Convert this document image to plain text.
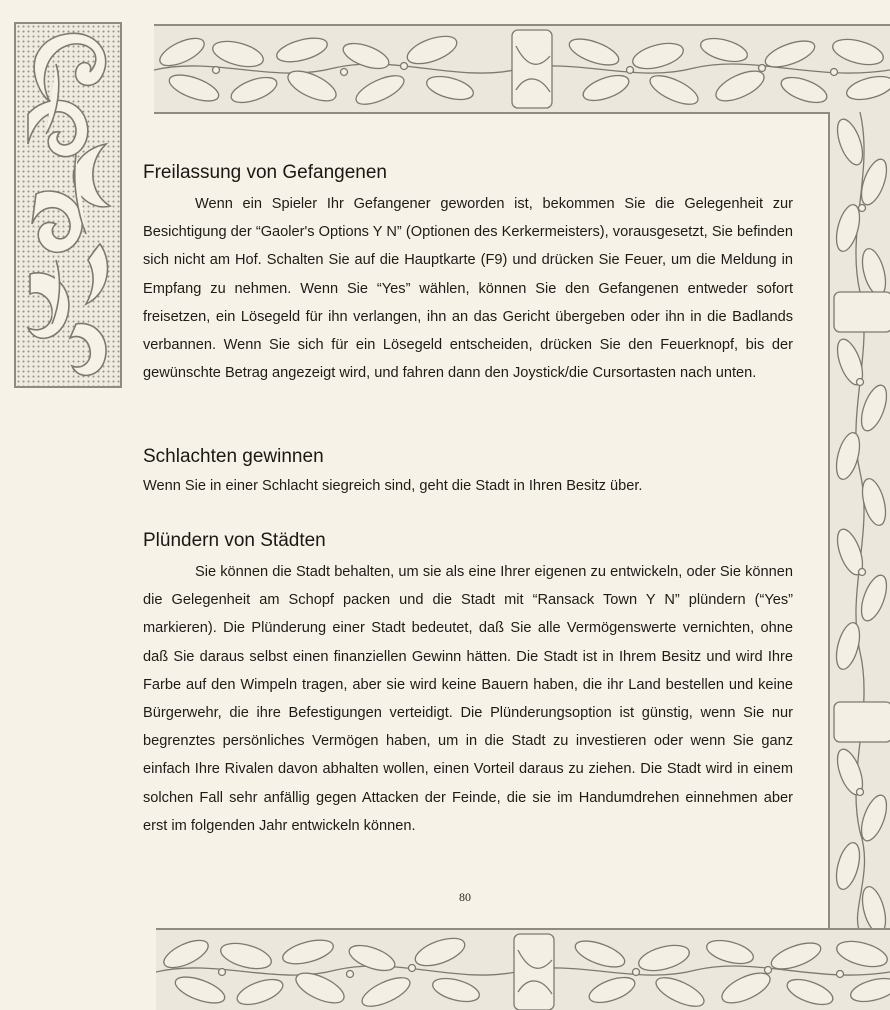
Freilassung von Gefangenen

Wenn ein Spieler Ihr Gefangener geworden ist, bekommen Sie die Gelegenheit zur Besichtigung der “Gaoler's Options Y N” (Optionen des Kerkermeisters), vorausgesetzt, Sie befinden sich nicht am Hof. Schalten Sie auf die Hauptkarte (F9) und drücken Sie Feuer, um die Meldung in Empfang zu nehmen. Wenn Sie “Yes” wählen, können Sie den Gefangenen entweder sofort freisetzen, ein Lösegeld für ihn verlangen, ihn an das Gericht übergeben oder ihn in die Badlands verbannen. Wenn Sie sich für ein Lösegeld entscheiden, drücken Sie den Feuerknopf, bis der gewünschte Betrag angezeigt wird, und fahren dann den Joystick/die Cursortasten nach unten.

Schlachten gewinnen

Wenn Sie in einer Schlacht siegreich sind, geht die Stadt in Ihren Besitz über.

Plündern von Städten

Sie können die Stadt behalten, um sie als eine Ihrer eigenen zu entwickeln, oder Sie können die Gelegenheit am Schopf packen und die Stadt mit “Ransack Town Y N” plündern (“Yes” markieren). Die Plünderung einer Stadt bedeutet, daß Sie alle Vermögenswerte vernichten, ohne daß Sie daraus selbst einen finanziellen Gewinn hätten. Die Stadt ist in Ihrem Besitz und wird Ihre Farbe auf den Wimpeln tragen, aber sie wird keine Bauern haben, die ihr Land bestellen und keine Bürgerwehr, die ihre Befestigungen verteidigt. Die Plünderungsoption ist günstig, wenn Sie nur begrenztes persönliches Vermögen haben, um in die Stadt zu investieren oder wenn Sie ganz einfach Ihre Rivalen davon abhalten wollen, einen Vorteil daraus zu ziehen. Die Stadt wird in einem solchen Fall sehr anfällig gegen Attacken der Feinde, die sie im Handumdrehen einnehmen aber erst im folgenden Jahr entwickeln können.

80
